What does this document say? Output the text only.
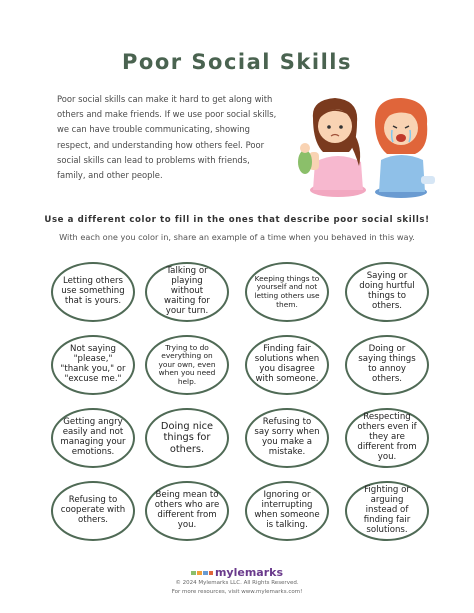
Poor Social Skills
Poor social skills can make it hard to get along with others and make friends. If we use poor social skills, we can have trouble communicating, showing respect, and understanding how others feel. Poor social skills can lead to problems with friends, family, and other people.
Use a different color to fill in the ones that describe poor social skills!
With each one you color in, share an example of a time when you behaved in this way.
Letting others use something that is yours.
Talking or playing without waiting for your turn.
Keeping things to yourself and not letting others use them.
Saying or doing hurtful things to others.
Not saying "please," "thank you," or "excuse me."
Trying to do everything on your own, even when you need help.
Finding fair solutions when you disagree with someone.
Doing or saying things to annoy others.
Getting angry easily and not managing your emotions.
Doing nice things for others.
Refusing to say sorry when you make a mistake.
Respecting others even if they are different from you.
Refusing to cooperate with others.
Being mean to others who are different from you.
Ignoring or interrupting when someone is talking.
Fighting or arguing instead of finding fair solutions.
mylemarks
© 2024 Mylemarks LLC. All Rights Reserved.
For more resources, visit www.mylemarks.com!
